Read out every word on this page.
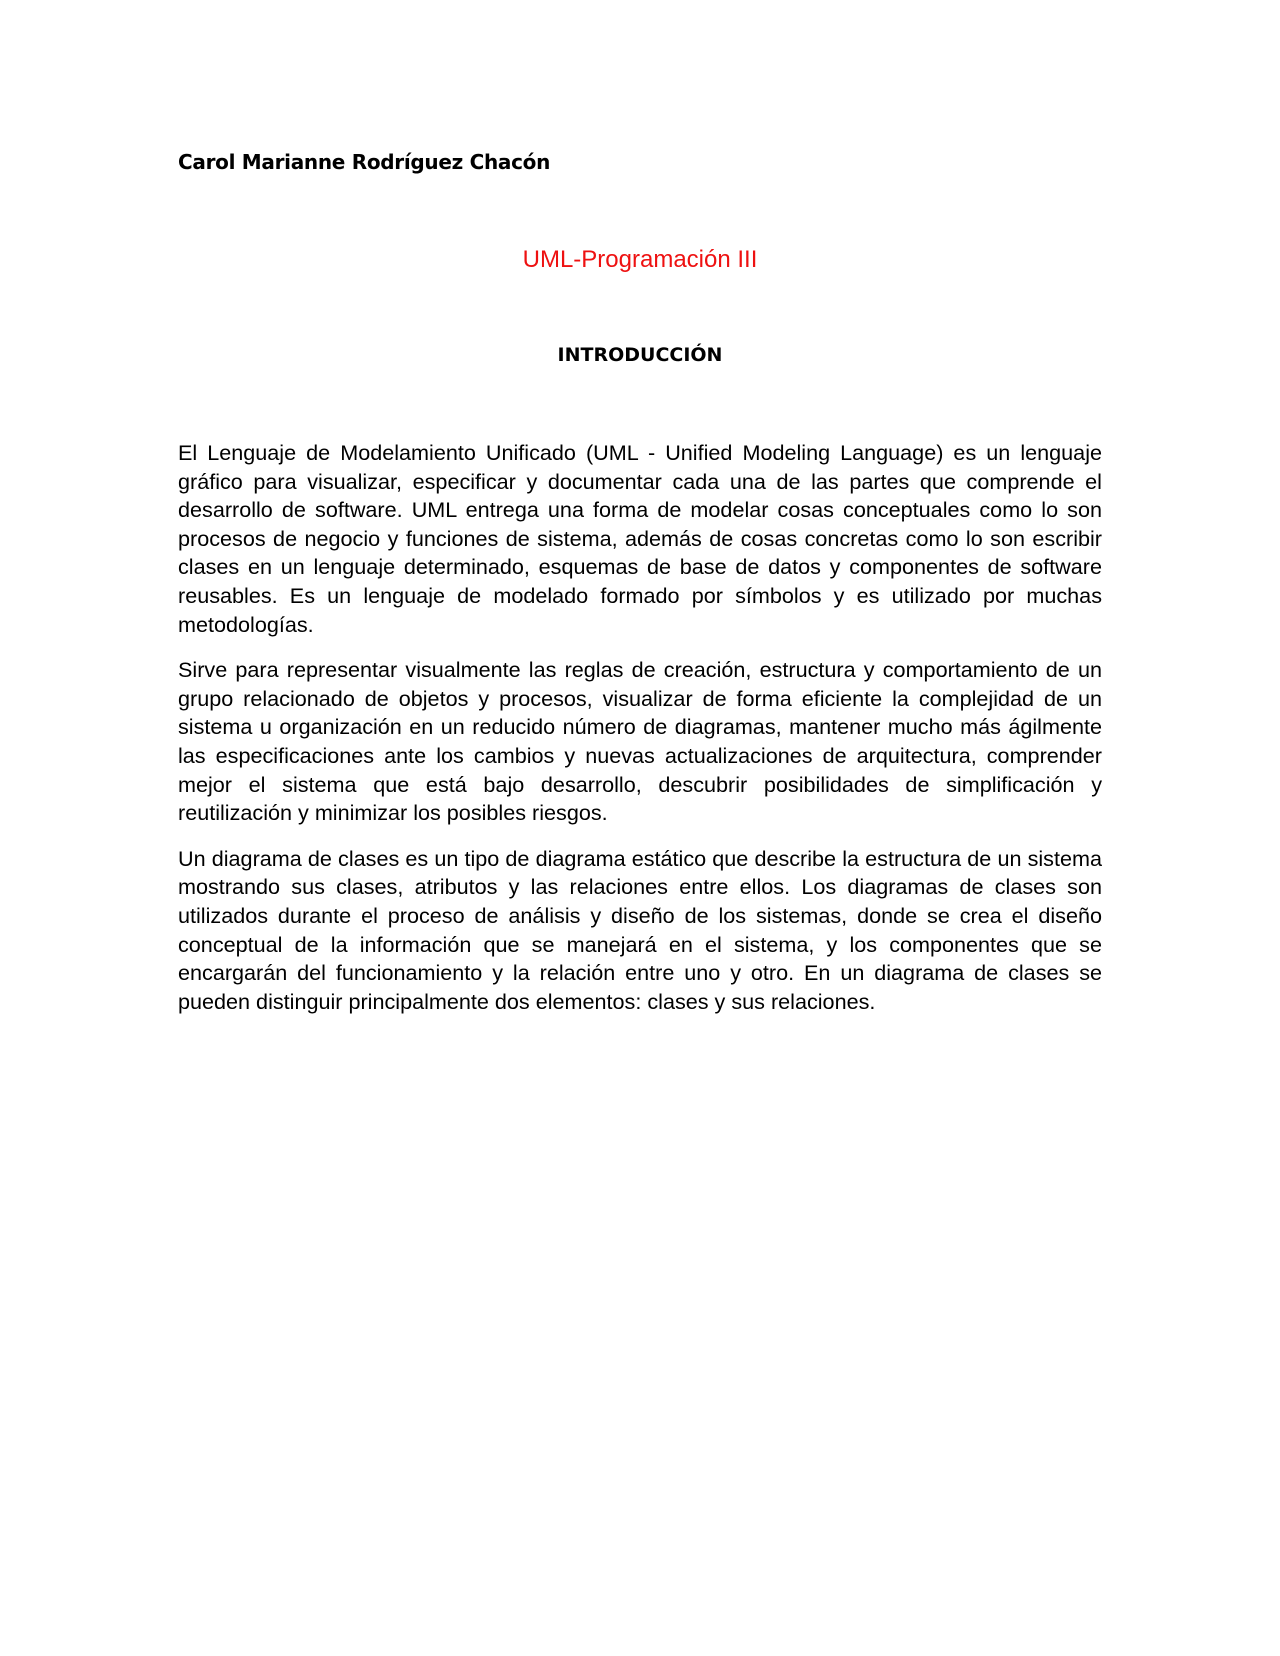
Carol Marianne Rodríguez Chacón
UML-Programación III
INTRODUCCIÓN

El Lenguaje de Modelamiento Unificado (UML - Unified Modeling Language) es un lenguaje gráfico para visualizar, especificar y documentar cada una de las partes que comprende el desarrollo de software. UML entrega una forma de modelar cosas conceptuales como lo son procesos de negocio y funciones de sistema, además de cosas concretas como lo son escribir clases en un lenguaje determinado, esquemas de base de datos y componentes de software reusables. Es un lenguaje de modelado formado por símbolos y es utilizado por muchas metodologías.

Sirve para representar visualmente las reglas de creación, estructura y comportamiento de un grupo relacionado de objetos y procesos, visualizar de forma eficiente la complejidad de un sistema u organización en un reducido número de diagramas, mantener mucho más ágilmente las especificaciones ante los cambios y nuevas actualizaciones de arquitectura, comprender mejor el sistema que está bajo desarrollo, descubrir posibilidades de simplificación y reutilización y minimizar los posibles riesgos.

Un diagrama de clases es un tipo de diagrama estático que describe la estructura de un sistema mostrando sus clases, atributos y las relaciones entre ellos. Los diagramas de clases son utilizados durante el proceso de análisis y diseño de los sistemas, donde se crea el diseño conceptual de la información que se manejará en el sistema, y los componentes que se encargarán del funcionamiento y la relación entre uno y otro. En un diagrama de clases se pueden distinguir principalmente dos elementos: clases y sus relaciones.
